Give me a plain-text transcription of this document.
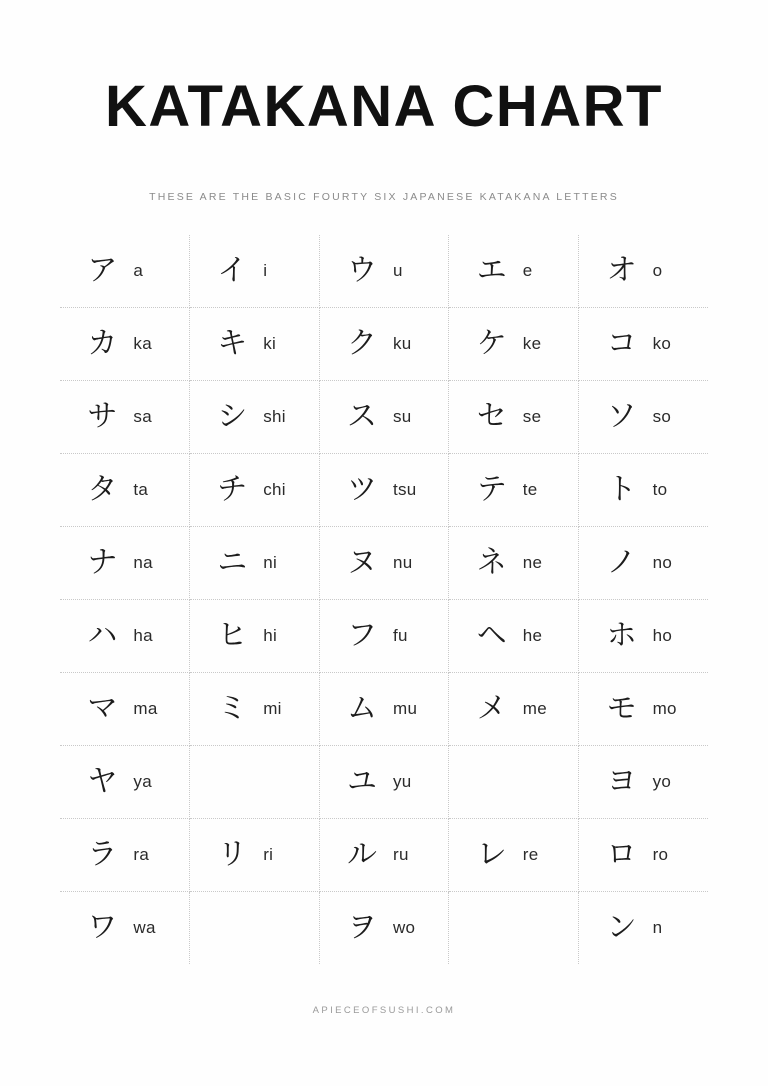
KATAKANA CHART
THESE ARE THE BASIC FOURTY SIX JAPANESE KATAKANA LETTERS
ア a	イ i	ウ u	エ e	オ o

カ ka	キ ki	ク ku	ケ ke	コ ko

サ sa	シ shi	ス su	セ se	ソ so

タ ta	チ chi	ツ tsu	テ te	ト to

ナ na	ニ ni	ヌ nu	ネ ne	ノ no

ハ ha	ヒ hi	フ fu	ヘ he	ホ ho

マ ma	ミ mi	ム mu	メ me	モ mo

ヤ ya		ユ yu		ヨ yo

ラ ra	リ ri	ル ru	レ re	ロ ro

ワ wa		ヲ wo		ン n
APIECEOFSUSHI.COM
